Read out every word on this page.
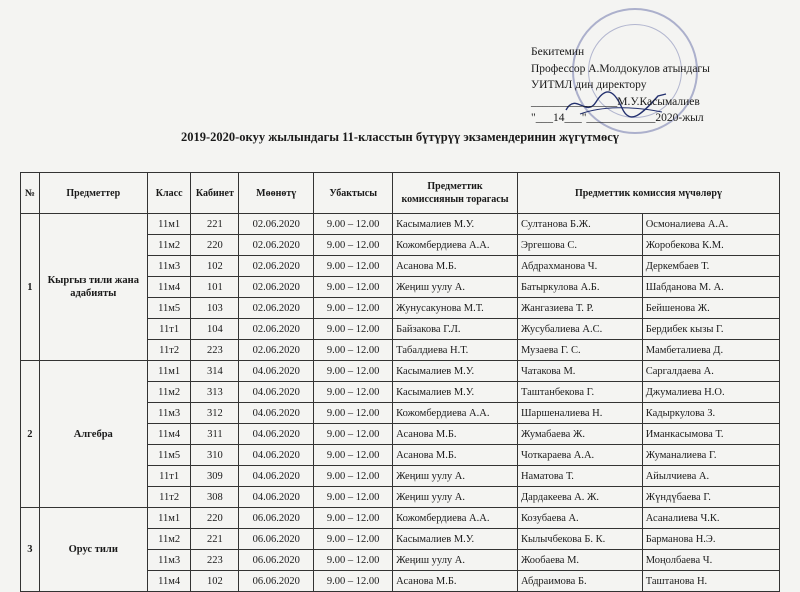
Бекитемин
Профессор А.Молдокулов атындагы
УИТМЛ дин директору
_______________М.У.Касымалиев
"___14___"____________2020-жыл
2019-2020-окуу жылындагы 11-класстын бүтүрүү экзамендеринин жүгүтмөсү
№	Предметтер	Класс	Кабинет	Мөөнөтү	Убактысы	Предметтик комиссиянын торагасы	Предметтик комиссия мүчөлөрү	
1	Кыргыз тили жана адабияты	11м1	221	02.06.2020	9.00 – 12.00	Касымалиев М.У.	Султанова Б.Ж.	Осмоналиева А.А.
		11м2	220	02.06.2020	9.00 – 12.00	Кожомбердиева А.А.	Эргешова С.	Жоробекова К.М.
		11м3	102	02.06.2020	9.00 – 12.00	Асанова М.Б.	Абдрахманова Ч.	Деркембаев Т.
		11м4	101	02.06.2020	9.00 – 12.00	Жеңиш уулу А.	Батыркулова А.Б.	Шабданова М. А.
		11м5	103	02.06.2020	9.00 – 12.00	Жунусакунова М.Т.	Жангазиева Т. Р.	Бейшенова Ж.
		11т1	104	02.06.2020	9.00 – 12.00	Байзакова Г.Л.	Жусубалиева А.С.	Бердибек кызы Г.
		11т2	223	02.06.2020	9.00 – 12.00	Табалдиева Н.Т.	Музаева Г. С.	Мамбеталиева Д.
2	Алгебра	11м1	314	04.06.2020	9.00 – 12.00	Касымалиев М.У.	Чатакова М.	Саргалдаева А.
		11м2	313	04.06.2020	9.00 – 12.00	Касымалиев М.У.	Таштанбекова Г.	Джумалиева Н.О.
		11м3	312	04.06.2020	9.00 – 12.00	Кожомбердиева А.А.	Шаршеналиева Н.	Кадыркулова З.
		11м4	311	04.06.2020	9.00 – 12.00	Асанова М.Б.	Жумабаева Ж.	Иманкасымова Т.
		11м5	310	04.06.2020	9.00 – 12.00	Асанова М.Б.	Чоткараева А.А.	Жуманалиева Г.
		11т1	309	04.06.2020	9.00 – 12.00	Жеңиш уулу А.	Наматова Т.	Айылчиева А.
		11т2	308	04.06.2020	9.00 – 12.00	Жеңиш уулу А.	Дардакеева А. Ж.	Жүндүбаева Г.
3	Орус тили	11м1	220	06.06.2020	9.00 – 12.00	Кожомбердиева А.А.	Козубаева А.	Асаналиева Ч.К.
		11м2	221	06.06.2020	9.00 – 12.00	Касымалиев М.У.	Кылычбекова Б. К.	Барманова Н.Э.
		11м3	223	06.06.2020	9.00 – 12.00	Жеңиш уулу А.	Жообаева М.	Моңолбаева Ч.
		11м4	102	06.06.2020	9.00 – 12.00	Асанова М.Б.	Абдраимова Б.	Таштанова Н.
